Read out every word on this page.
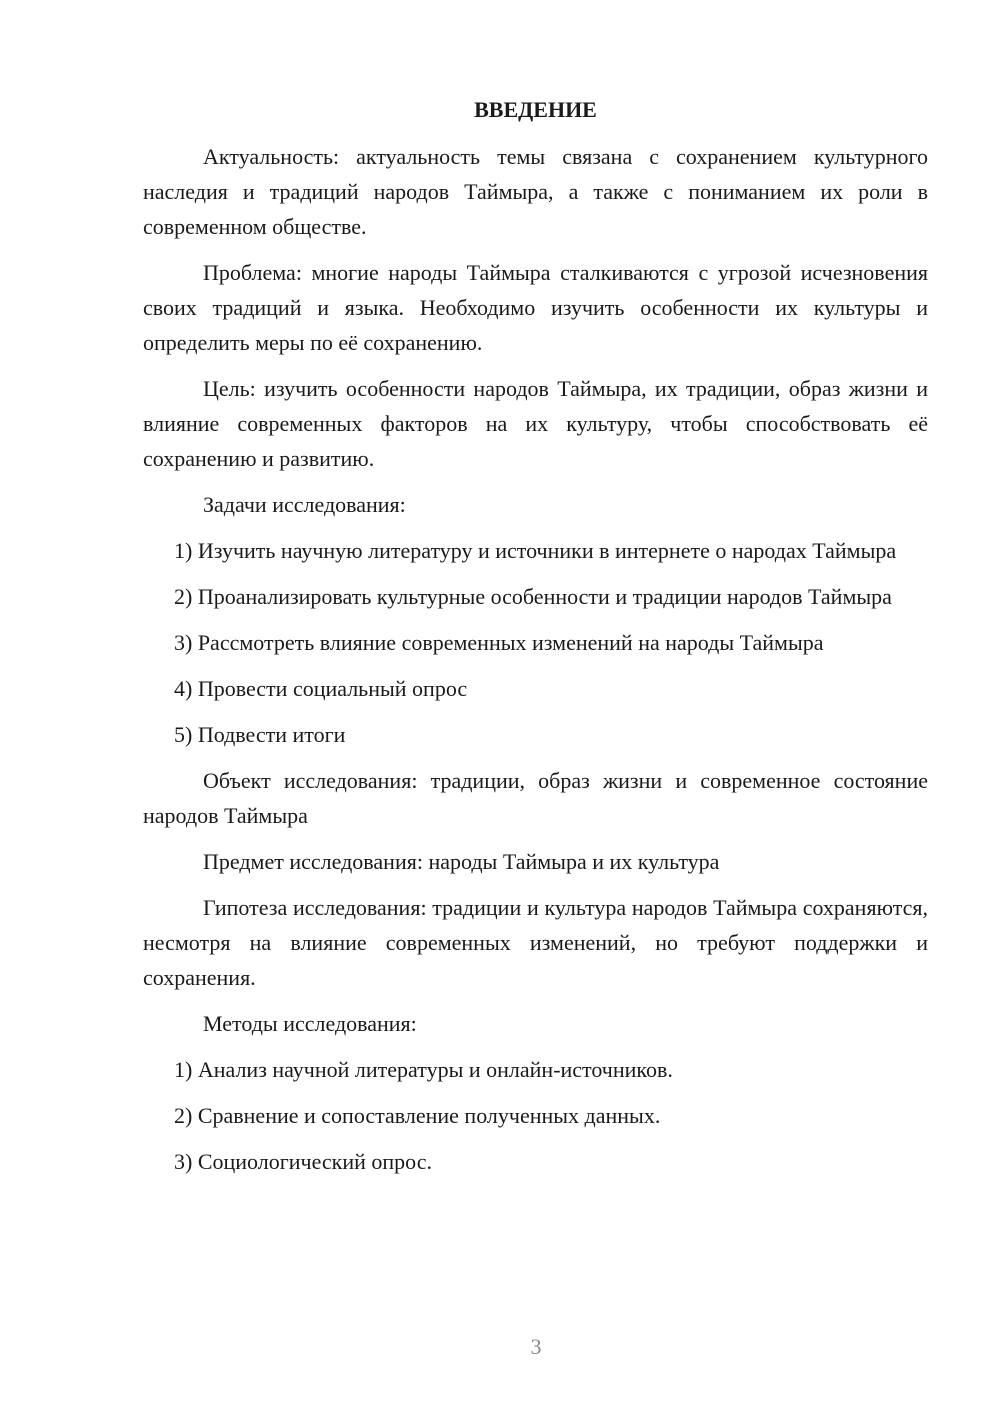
ВВЕДЕНИЕ

Актуальность: актуальность темы связана с сохранением культурного наследия и традиций народов Таймыра, а также с пониманием их роли в современном обществе.

Проблема: многие народы Таймыра сталкиваются с угрозой исчезновения своих традиций и языка. Необходимо изучить особенности их культуры и определить меры по её сохранению.

Цель: изучить особенности народов Таймыра, их традиции, образ жизни и влияние современных факторов на их культуру, чтобы способствовать её сохранению и развитию.

Задачи исследования:

1) Изучить научную литературу и источники в интернете о народах Таймыра

2) Проанализировать культурные особенности и традиции народов Таймыра

3) Рассмотреть влияние современных изменений на народы Таймыра

4) Провести социальный опрос

5) Подвести итоги

Объект исследования: традиции, образ жизни и современное состояние народов Таймыра

Предмет исследования: народы Таймыра и их культура

Гипотеза исследования: традиции и культура народов Таймыра сохраняются, несмотря на влияние современных изменений, но требуют поддержки и сохранения.

Методы исследования:

1) Анализ научной литературы и онлайн-источников.

2) Сравнение и сопоставление полученных данных.

3) Социологический опрос.

3
